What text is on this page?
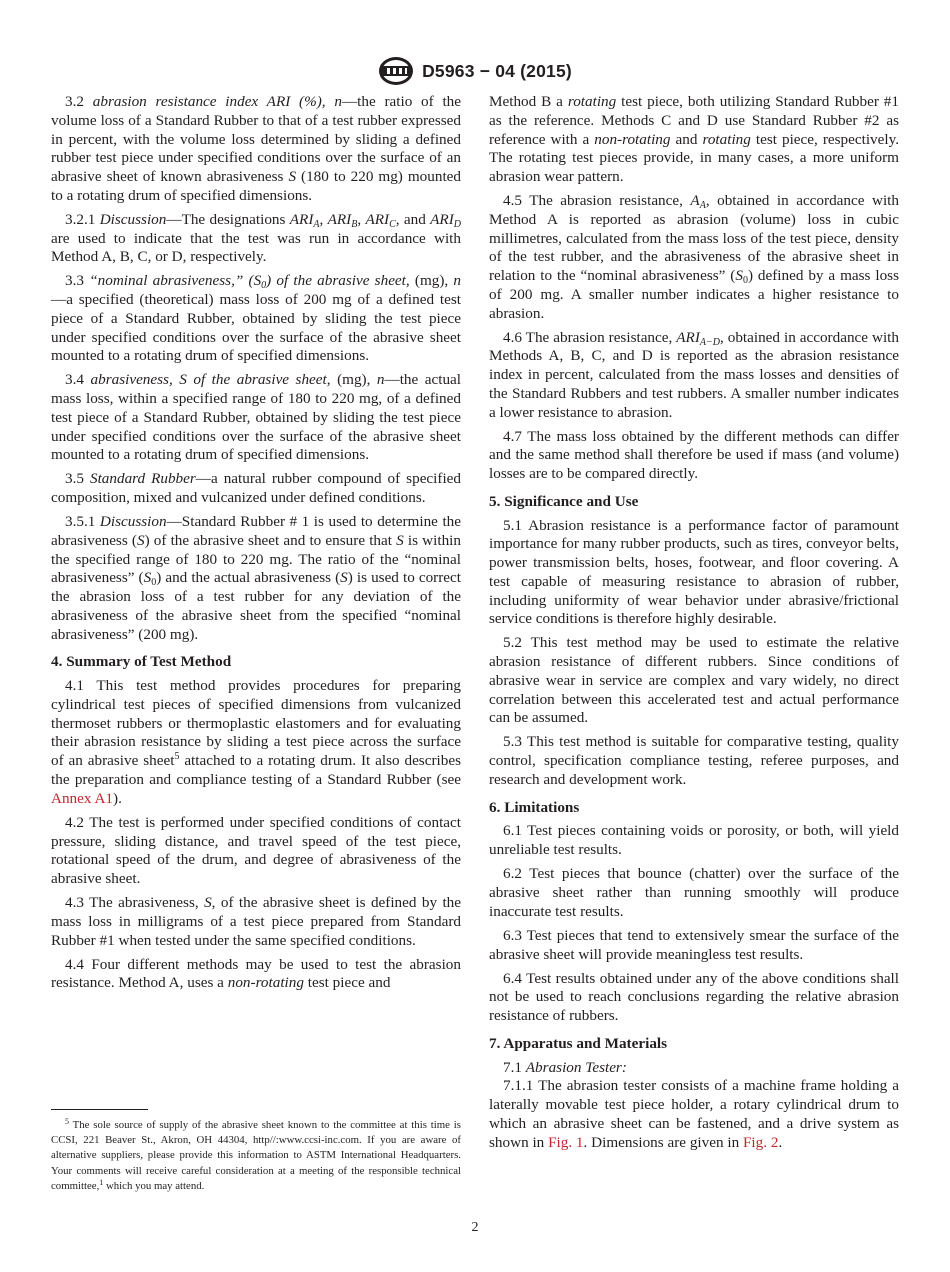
D5963 − 04 (2015)

3.2 abrasion resistance index ARI (%), n—the ratio of the volume loss of a Standard Rubber to that of a test rubber expressed in percent, with the volume loss determined by sliding a defined rubber test piece under specified conditions over the surface of an abrasive sheet of known abrasiveness S (180 to 220 mg) mounted to a rotating drum of specified dimensions.

3.2.1 Discussion—The designations $ARI_A$, $ARI_B$, $ARI_C$, and $ARI_D$ are used to indicate that the test was run in accordance with Method A, B, C, or D, respectively.

3.3 “nominal abrasiveness,” $(S_0)$ of the abrasive sheet, (mg), n—a specified (theoretical) mass loss of 200 mg of a defined test piece of a Standard Rubber, obtained by sliding the test piece under specified conditions over the surface of the abrasive sheet mounted to a rotating drum of specified dimensions.

3.4 abrasiveness, S of the abrasive sheet, (mg), n—the actual mass loss, within a specified range of 180 to 220 mg, of a defined test piece of a Standard Rubber, obtained by sliding the test piece under specified conditions over the surface of the abrasive sheet mounted to a rotating drum of specified dimensions.

3.5 Standard Rubber—a natural rubber compound of specified composition, mixed and vulcanized under defined conditions.

3.5.1 Discussion—Standard Rubber # 1 is used to determine the abrasiveness (S) of the abrasive sheet and to ensure that S is within the specified range of 180 to 220 mg. The ratio of the “nominal abrasiveness” $(S_0)$ and the actual abrasiveness (S) is used to correct the abrasion loss of a test rubber for any deviation of the abrasiveness of the abrasive sheet from the specified “nominal abrasiveness” (200 mg).

4. Summary of Test Method

4.1 This test method provides procedures for preparing cylindrical test pieces of specified dimensions from vulcanized thermoset rubbers or thermoplastic elastomers and for evaluating their abrasion resistance by sliding a test piece across the surface of an abrasive sheet$^5$ attached to a rotating drum. It also describes the preparation and compliance testing of a Standard Rubber (see Annex A1).

4.2 The test is performed under specified conditions of contact pressure, sliding distance, and travel speed of the test piece, rotational speed of the drum, and degree of abrasiveness of the abrasive sheet.

4.3 The abrasiveness, S, of the abrasive sheet is defined by the mass loss in milligrams of a test piece prepared from Standard Rubber #1 when tested under the same specified conditions.

4.4 Four different methods may be used to test the abrasion resistance. Method A, uses a non-rotating test piece and

Method B a rotating test piece, both utilizing Standard Rubber #1 as the reference. Methods C and D use Standard Rubber #2 as reference with a non-rotating and rotating test piece, respectively. The rotating test pieces provide, in many cases, a more uniform abrasion wear pattern.

4.5 The abrasion resistance, $A_A$, obtained in accordance with Method A is reported as abrasion (volume) loss in cubic millimetres, calculated from the mass loss of the test piece, density of the test rubber, and the abrasiveness of the abrasive sheet in relation to the “nominal abrasiveness” $(S_0)$ defined by a mass loss of 200 mg. A smaller number indicates a higher resistance to abrasion.

4.6 The abrasion resistance, $ARI_{A-D}$, obtained in accordance with Methods A, B, C, and D is reported as the abrasion resistance index in percent, calculated from the mass losses and densities of the Standard Rubbers and test rubbers. A smaller number indicates a lower resistance to abrasion.

4.7 The mass loss obtained by the different methods can differ and the same method shall therefore be used if mass (and volume) losses are to be compared directly.

5. Significance and Use

5.1 Abrasion resistance is a performance factor of paramount importance for many rubber products, such as tires, conveyor belts, power transmission belts, hoses, footwear, and floor covering. A test capable of measuring resistance to abrasion of rubber, including uniformity of wear behavior under abrasive/frictional service conditions is therefore highly desirable.

5.2 This test method may be used to estimate the relative abrasion resistance of different rubbers. Since conditions of abrasive wear in service are complex and vary widely, no direct correlation between this accelerated test and actual performance can be assumed.

5.3 This test method is suitable for comparative testing, quality control, specification compliance testing, referee purposes, and research and development work.

6. Limitations

6.1 Test pieces containing voids or porosity, or both, will yield unreliable test results.

6.2 Test pieces that bounce (chatter) over the surface of the abrasive sheet rather than running smoothly will produce inaccurate test results.

6.3 Test pieces that tend to extensively smear the surface of the abrasive sheet will provide meaningless test results.

6.4 Test results obtained under any of the above conditions shall not be used to reach conclusions regarding the relative abrasion resistance of rubbers.

7. Apparatus and Materials

7.1 Abrasion Tester:

7.1.1 The abrasion tester consists of a machine frame holding a laterally movable test piece holder, a rotary cylindrical drum to which an abrasive sheet can be fastened, and a drive system as shown in Fig. 1. Dimensions are given in Fig. 2.

$^5$ The sole source of supply of the abrasive sheet known to the committee at this time is CCSI, 221 Beaver St., Akron, OH 44304, http//:www.ccsi-inc.com. If you are aware of alternative suppliers, please provide this information to ASTM International Headquarters. Your comments will receive careful consideration at a meeting of the responsible technical committee,$^1$ which you may attend.
2
